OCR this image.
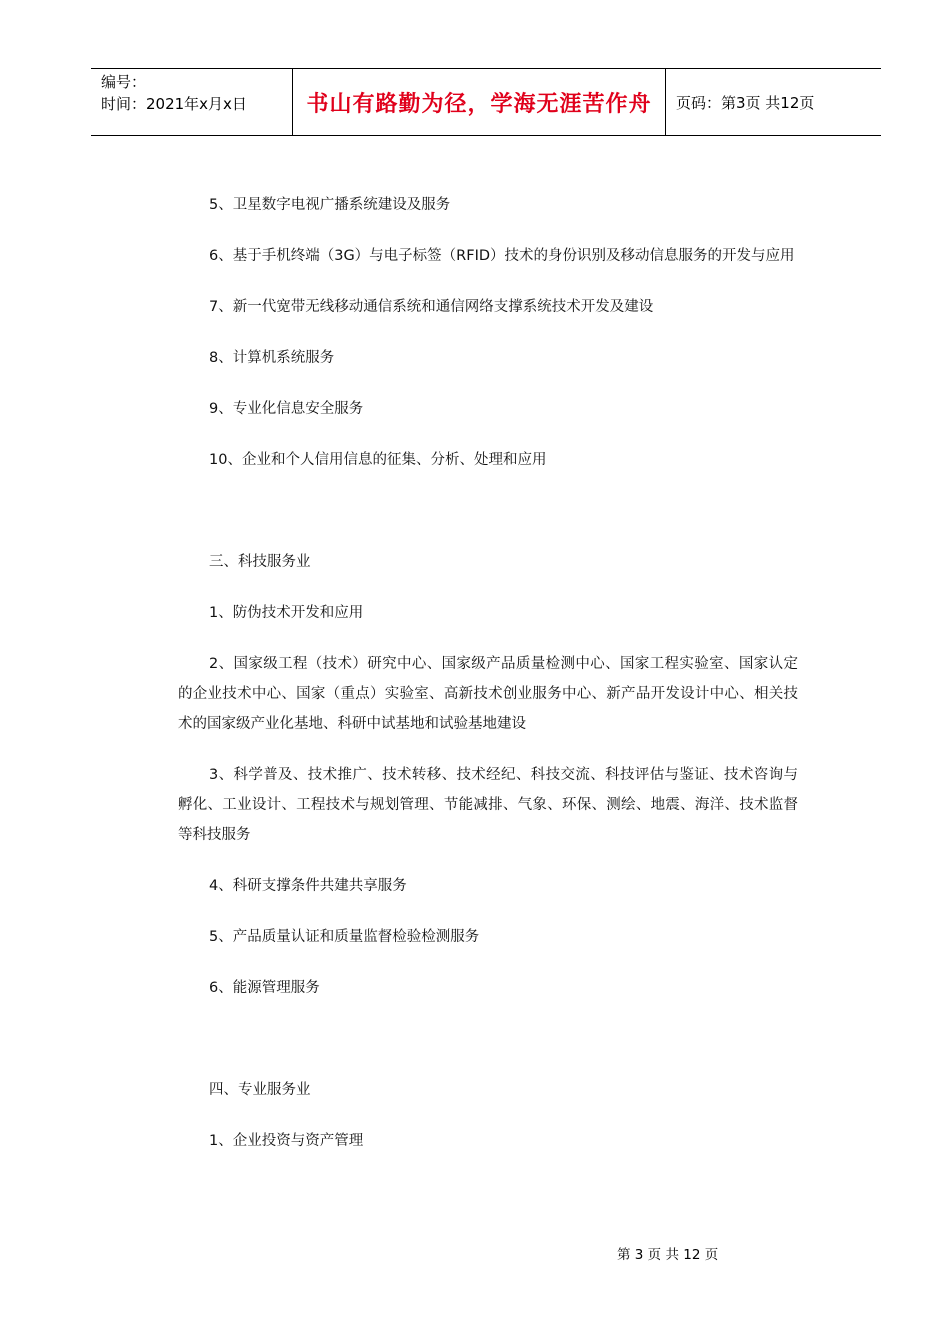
编号：
时间：2021年x月x日	书山有路勤为径，学海无涯苦作舟	页码：第3页 共12页

5、卫星数字电视广播系统建设及服务

6、基于手机终端（3G）与电子标签（RFID）技术的身份识别及移动信息服务的开发与应用

7、新一代宽带无线移动通信系统和通信网络支撑系统技术开发及建设

8、计算机系统服务

9、专业化信息安全服务

10、企业和个人信用信息的征集、分析、处理和应用

三、科技服务业

1、防伪技术开发和应用

2、国家级工程（技术）研究中心、国家级产品质量检测中心、国家工程实验室、国家认定的企业技术中心、国家（重点）实验室、高新技术创业服务中心、新产品开发设计中心、相关技术的国家级产业化基地、科研中试基地和试验基地建设

3、科学普及、技术推广、技术转移、技术经纪、科技交流、科技评估与鉴证、技术咨询与孵化、工业设计、工程技术与规划管理、节能减排、气象、环保、测绘、地震、海洋、技术监督等科技服务

4、科研支撑条件共建共享服务

5、产品质量认证和质量监督检验检测服务

6、能源管理服务

四、专业服务业

1、企业投资与资产管理

第 3 页 共 12 页
